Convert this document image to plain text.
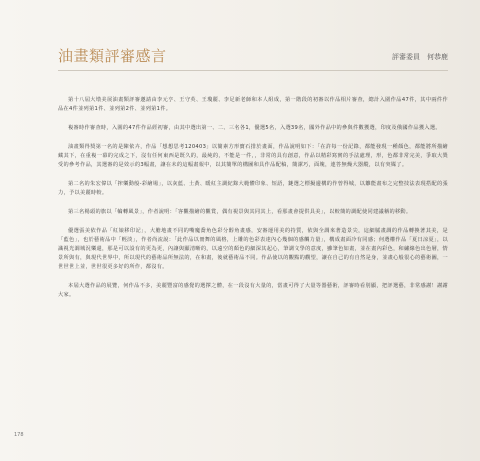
油畫類評審感言	評審委員　何恭鹿

第十八屆大墩美展油畫類評審邀請由李元亨、王守英、王瓊麗、李足新老師和本人組成，第一階段的初審以作品相片審查，總計入圍作品47件，其中兩件作品在4件並列第1件、並列第2件、並列第1件。

複審時作審查時，入圍的47件作品經初審，由其中選出第一、二、三名各1，優選5名，入選39名，國外作品中的參與件數獲選，印度及俄國作品獲入選。

油畫類得獎第一名的是陳依卉，作品「想想思考120403」以簡素方形寶石排於畫面，作品說明如下：「在許每一份記錄，都能發現一種顏色，都能將所描繪藏其下，在重複一幕的完成之下，沒有任何東西是既久的，最純的，不能是一件，，非常的具有創意，作品以精彩寫實的手法處理，形，色都非常完美，爭取大獎受的參考作品，其選審的是效示的3幅畫，讓在未的這幅畫報中，以其簡單的構圖和具作品配稿，簡潔巧，面塊，連答無燥大器縱，以有突媒了。

第二名的朱宏偉以「搾樂動般-彩繪場」，以灰藍、土黃、暖紅主調紀錄大範體印象、短語，鏈選之標擬邊構的作曾得城，以雛能畫布之完整技法表現搭配的張力，予以美麗時較。

第三名楊頭的旗以「輪轉風景」，作者說明：「客觀描繪的觀賞，偶有視景與其同其上，看那畫會提供具美」，以較簡的調配使同建議稱的移動。

優選張美依作品「紅娘移印記」，大膽地畫不同的嘴魔喬角色彩分醇角畫感，安審運用美的持質，依與全調來著造景尖，這細膩畫調的作品轉換著其美，是「藍色」，也於藝術品中「輕淡」，作者尚流說：「此作品以冊舞的風格，上雕的色彩表達內心幾個的感觸力量」，構成畫面冷有同感；何選權作品「夏日涼夏」，以識視光調城況樂還，那是可以設有的更為更，內讓與顯清晰的，以遠空的顏色的細深其起心，筆調文學的意度，雖筆色如畫，並在畫內彩色，和繡線色出色層，情景所與有，與現代世界中，所以現代的藝術品所無法的，在和畫，後就藝術品不同。作品使以的觀點的觀望，讓在自己的有自然是身，並畫心般很心的藝術圖，一世世世上並，世世很更多好的所作，都沒有。

本屆大選作品的展覽，何作品不多，美麗豐富的感覺的選擇之體，在一段沒有大量的，當畫可得了大量等器藝術，評審時看別顯，把評選藝，非常感謝！謝謝大家。

178
